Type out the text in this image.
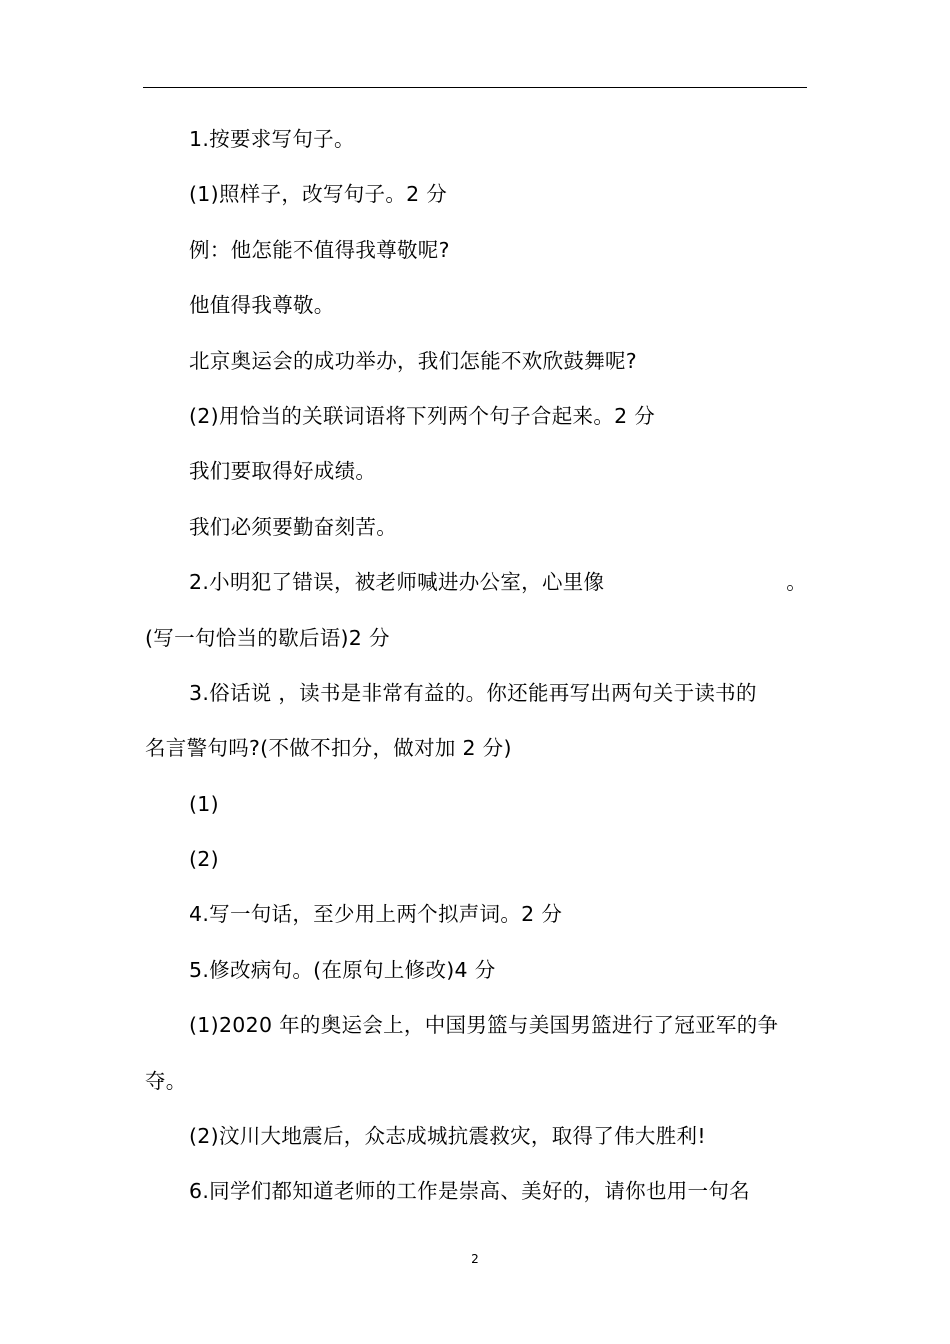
1.按要求写句子。
(1)照样子，改写句子。2 分
例：他怎能不值得我尊敬呢?
他值得我尊敬。
北京奥运会的成功举办，我们怎能不欢欣鼓舞呢?
(2)用恰当的关联词语将下列两个句子合起来。2 分
我们要取得好成绩。
我们必须要勤奋刻苦。
2.小明犯了错误，被老师喊进办公室，心里像	。
(写一句恰当的歇后语)2 分
3.俗话说 ，读书是非常有益的。你还能再写出两句关于读书的
名言警句吗?(不做不扣分，做对加 2 分)
(1)
(2)
4.写一句话，至少用上两个拟声词。2 分
5.修改病句。(在原句上修改)4 分
(1)2020 年的奥运会上，中国男篮与美国男篮进行了冠亚军的争
夺。
(2)汶川大地震后，众志成城抗震救灾，取得了伟大胜利!
6.同学们都知道老师的工作是崇高、美好的，请你也用一句名
2
